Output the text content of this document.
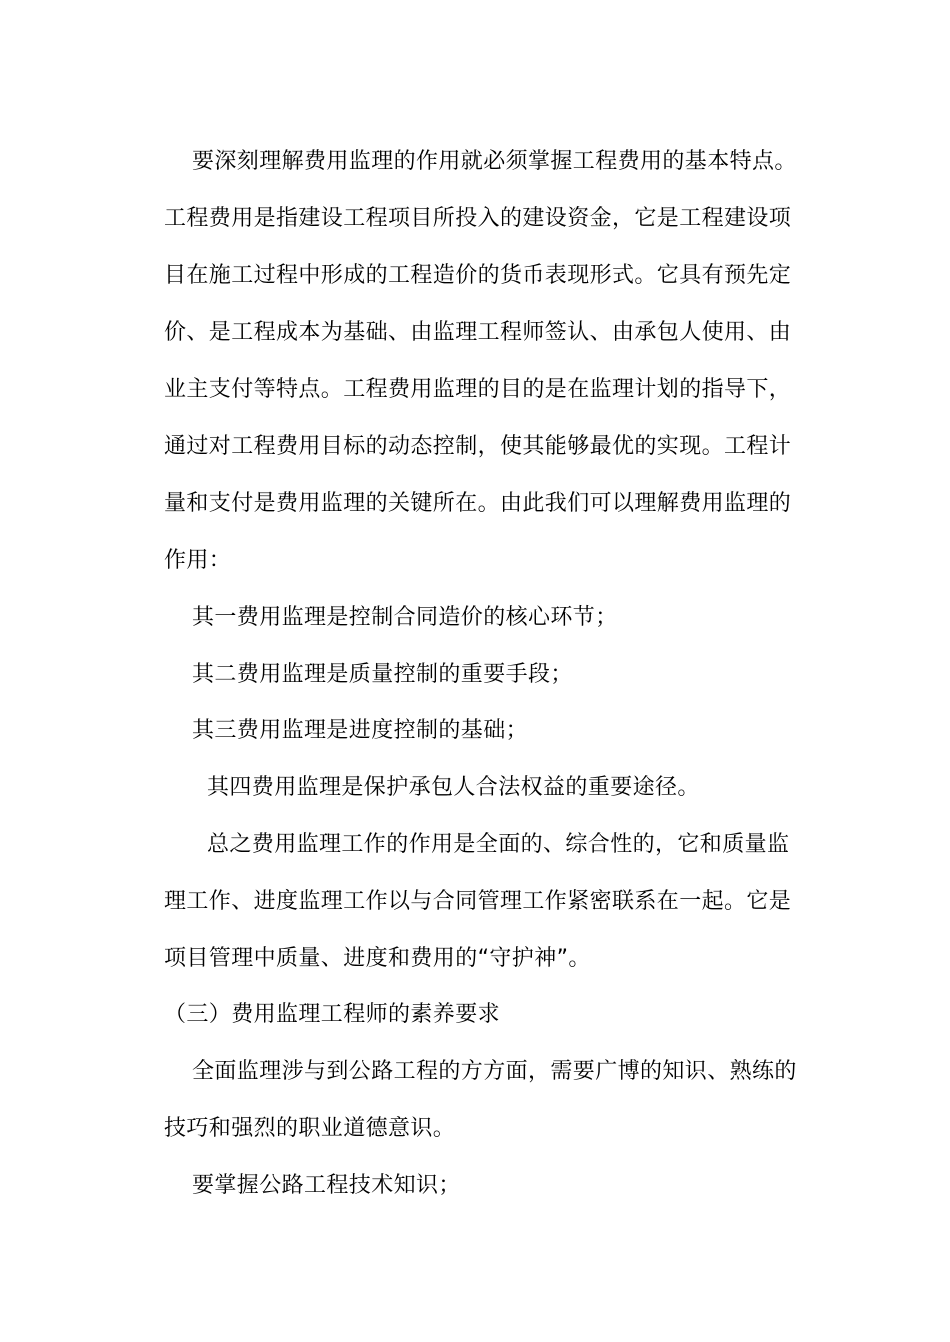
要深刻理解费用监理的作用就必须掌握工程费用的基本特点。
工程费用是指建设工程项目所投入的建设资金，它是工程建设项
目在施工过程中形成的工程造价的货币表现形式。它具有预先定
价、是工程成本为基础、由监理工程师签认、由承包人使用、由
业主支付等特点。工程费用监理的目的是在监理计划的指导下，
通过对工程费用目标的动态控制，使其能够最优的实现。工程计
量和支付是费用监理的关键所在。由此我们可以理解费用监理的
作用：
其一费用监理是控制合同造价的核心环节；
其二费用监理是质量控制的重要手段；
其三费用监理是进度控制的基础；
其四费用监理是保护承包人合法权益的重要途径。
总之费用监理工作的作用是全面的、综合性的，它和质量监
理工作、进度监理工作以与合同管理工作紧密联系在一起。它是
项目管理中质量、进度和费用的“守护神”。
（三）费用监理工程师的素养要求
全面监理涉与到公路工程的方方面，需要广博的知识、熟练的
技巧和强烈的职业道德意识。
要掌握公路工程技术知识；
